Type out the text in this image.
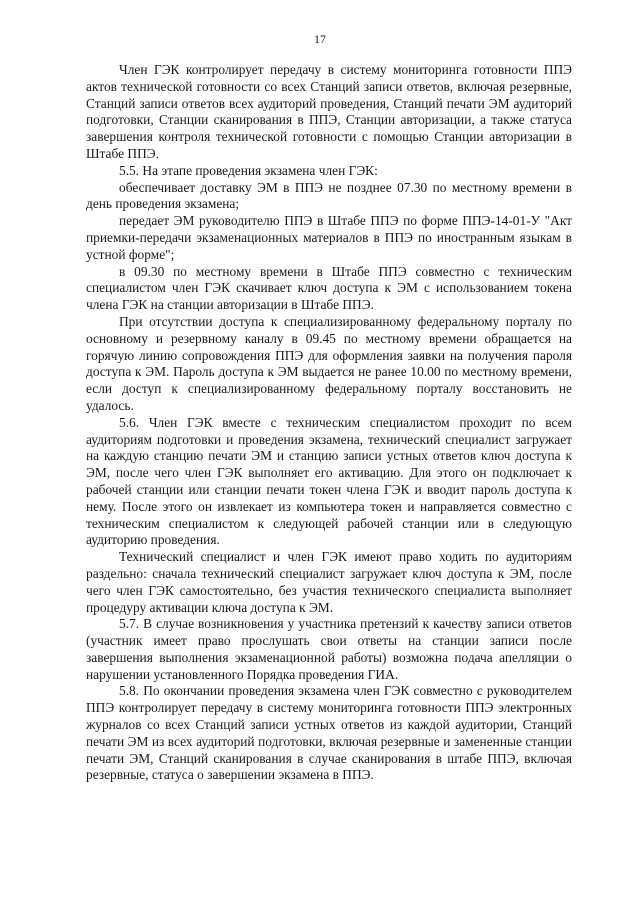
17

Член ГЭК контролирует передачу в систему мониторинга готовности ППЭ актов технической готовности со всех Станций записи ответов, включая резервные, Станций записи ответов всех аудиторий проведения, Станций печати ЭМ аудиторий подготовки, Станции сканирования в ППЭ, Станции авторизации, а также статуса завершения контроля технической готовности с помощью Станции авторизации в Штабе ППЭ.

5.5. На этапе проведения экзамена член ГЭК:

обеспечивает доставку ЭМ в ППЭ не позднее 07.30 по местному времени в день проведения экзамена;

передает ЭМ руководителю ППЭ в Штабе ППЭ по форме ППЭ-14-01-У "Акт приемки-передачи экзаменационных материалов в ППЭ по иностранным языкам в устной форме";

в 09.30 по местному времени в Штабе ППЭ совместно с техническим специалистом член ГЭК скачивает ключ доступа к ЭМ с использованием токена члена ГЭК на станции авторизации в Штабе ППЭ.

При отсутствии доступа к специализированному федеральному порталу по основному и резервному каналу в 09.45 по местному времени обращается на горячую линию сопровождения ППЭ для оформления заявки на получения пароля доступа к ЭМ. Пароль доступа к ЭМ выдается не ранее 10.00 по местному времени, если доступ к специализированному федеральному порталу восстановить не удалось.

5.6. Член ГЭК вместе с техническим специалистом проходит по всем аудиториям подготовки и проведения экзамена, технический специалист загружает на каждую станцию печати ЭМ и станцию записи устных ответов ключ доступа к ЭМ, после чего член ГЭК выполняет его активацию. Для этого он подключает к рабочей станции или станции печати токен члена ГЭК и вводит пароль доступа к нему. После этого он извлекает из компьютера токен и направляется совместно с техническим специалистом к следующей рабочей станции или в следующую аудиторию проведения.

Технический специалист и член ГЭК имеют право ходить по аудиториям раздельно: сначала технический специалист загружает ключ доступа к ЭМ, после чего член ГЭК самостоятельно, без участия технического специалиста выполняет процедуру активации ключа доступа к ЭМ.

5.7. В случае возникновения у участника претензий к качеству записи ответов (участник имеет право прослушать свои ответы на станции записи после завершения выполнения экзаменационной работы) возможна подача апелляции о нарушении установленного Порядка проведения ГИА.

5.8. По окончании проведения экзамена член ГЭК совместно с руководителем ППЭ контролирует передачу в систему мониторинга готовности ППЭ электронных журналов со всех Станций записи устных ответов из каждой аудитории, Станций печати ЭМ из всех аудиторий подготовки, включая резервные и замененные станции печати ЭМ, Станций сканирования в случае сканирования в штабе ППЭ, включая резервные, статуса о завершении экзамена в ППЭ.
